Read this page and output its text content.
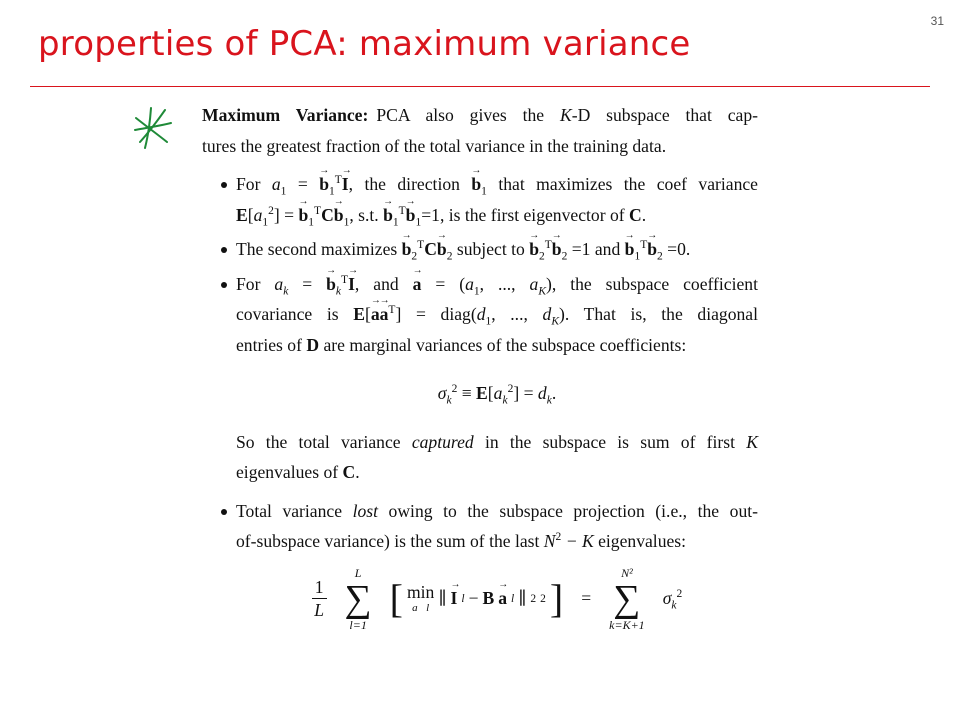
31
properties of PCA: maximum variance

Maximum Variance: PCA also gives the K-D subspace that cap-

tures the greatest fraction of the total variance in the training data.

For $a_1$ = → $b_1^T\to I$, the direction → $b_1$ that maximizes the coef variance
$E[a_1^2]$ = → $b_1^TC\to b_1$, s.t. → $b_1^T\to b_1=1$, is the first eigenvector of C.
The second maximizes → $b_2^TC\to b_2$ subject to → $b_2^T\to b_2 =1$ and → $b_1^T\to b_2 =0$.
For $a_k$ = → $b_k^T\to I$, and → $a = (a_1$, ..., $a_K$), the subspace coefficient
covariance is $E[\to a\to a^T]$ = $diag(d_1$, ..., $d_K$). That is, the diagonal
entries of D are marginal variances of the subspace coefficients:
$\sigma_k^2 \equiv E[a_k^2] = d_k$.
So the total variance captured in the subspace is sum of first K
eigenvalues of C.
Total variance lost owing to the subspace projection (i.e., the out-
of-subspace variance) is the sum of the last $N^2 - K$ eigenvalues:
$\frac{1}{L}$
L
∑
l=1
[ min
a⃗l ∥ → I l − B → a l ∥ 2 2 ] =
N²
∑
k=K+1
$\sigma_k^2$
